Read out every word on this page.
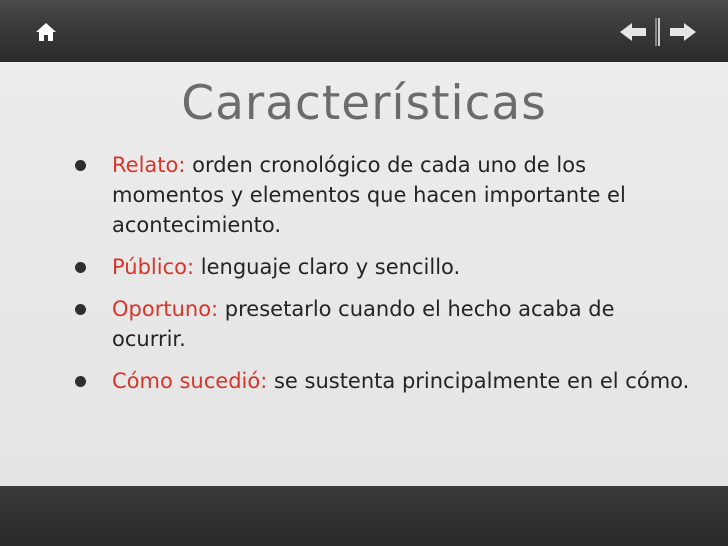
Características
Relato: orden cronológico de cada uno de los momentos y elementos que hacen importante el acontecimiento.
Público: lenguaje claro y sencillo.
Oportuno: presetarlo cuando el hecho acaba de ocurrir.
Cómo sucedió: se sustenta principalmente en el cómo.
